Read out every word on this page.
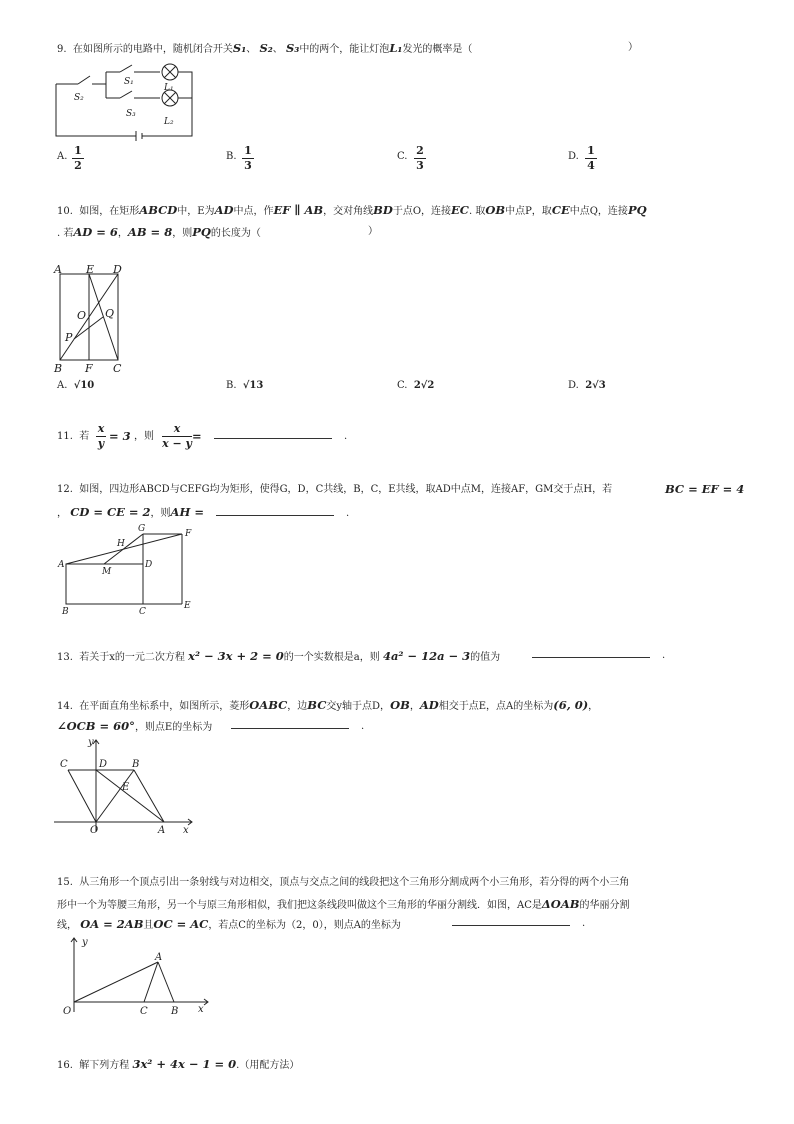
9. 在如图所示的电路中，随机闭合开关S₁、 S₂、 S₃中的两个，能让灯泡L₁发光的概率是（	）
S₁
S₂
S₃
L₁
L₂
A. 1
2
B. 1
3
C. 2
3
D. 1
4
10. 如图，在矩形ABCD中，E为AD中点，作EF ∥ AB，交对角线BD于点O，连接EC. 取OB中点P，取CE中点Q，连接PQ
. 若AD = 6，AB = 8，则PQ的长度为（	）
A E D
O Q
P
B F C
A. √10	B. √13	C. 2√2	D. 2√3
11. 若
x
y
= 3 ，则
x
x − y
=	.
12. 如图，四边形ABCD与CEFG均为矩形，使得G，D，C共线，B，C，E共线，取AD中点M，连接AF，GM交于点H，若	BC = EF = 4
， CD = CE = 2，则AH =	.
G	F
H
A
M
D
B	C
E
13. 若关于x的一元二次方程 x² − 3x + 2 = 0的一个实数根是a，则 4a² − 12a − 3的值为	.
14. 在平面直角坐标系中，如图所示，菱形OABC，边BC交y轴于点D，OB，AD相交于点E，点A的坐标为(6, 0)，
∠OCB = 60°，则点E的坐标为	.
y
C	D B
E
O	A x
15. 从三角形一个顶点引出一条射线与对边相交，顶点与交点之间的线段把这个三角形分割成两个小三角形，若分得的两个小三角
形中一个为等腰三角形，另一个与原三角形相似，我们把这条线段叫做这个三角形的华丽分割线．如图，AC是ΔOAB的华丽分割
线， OA = 2AB且OC = AC，若点C的坐标为（2，0），则点A的坐标为	.
y
A
O	C B x
16. 解下列方程 3x² + 4x − 1 = 0.（用配方法）
